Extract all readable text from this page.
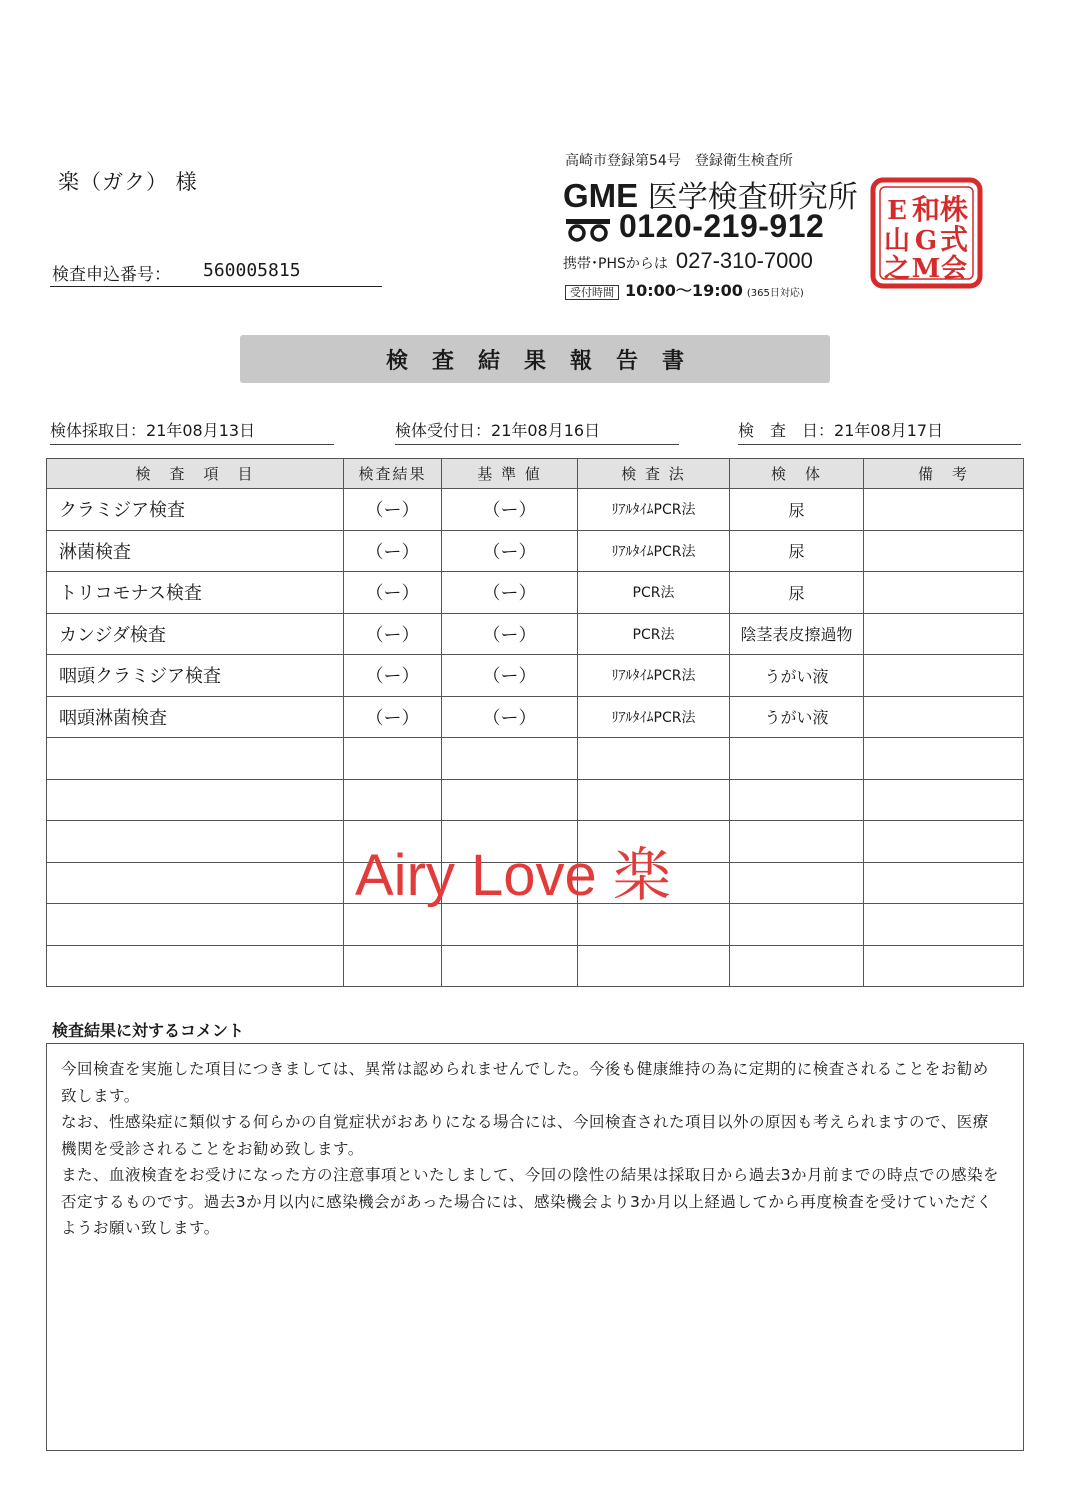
楽（ガク） 様
検査申込番号： 560005815
高崎市登録第54号　登録衛生検査所
GME 医学検査研究所
0120-219-912
携帯･PHSからは 027-310-7000
受付時間 10:00〜19:00 (365日対応)
株
式
会
和
G
M
E
山
之
検査結果報告書
検体採取日：21年08月13日	検体受付日：21年08月16日	検　査　日：21年08月17日
検　査　項　目	検査結果	基 準 値	検 査 法	検　体	備　考
クラミジア検査	（ー）	（ー）	ﾘｱﾙﾀｲﾑPCR法	尿	
淋菌検査	（ー）	（ー）	ﾘｱﾙﾀｲﾑPCR法	尿	
トリコモナス検査	（ー）	（ー）	PCR法	尿	
カンジダ検査	（ー）	（ー）	PCR法	陰茎表皮擦過物	
咽頭クラミジア検査	（ー）	（ー）	ﾘｱﾙﾀｲﾑPCR法	うがい液	
咽頭淋菌検査	（ー）	（ー）	ﾘｱﾙﾀｲﾑPCR法	うがい液	

Airy Love 楽
検査結果に対するコメント

今回検査を実施した項目につきましては、異常は認められませんでした。今後も健康維持の為に定期的に検査されることをお勧め致します。

なお、性感染症に類似する何らかの自覚症状がおありになる場合には、今回検査された項目以外の原因も考えられますので、医療機関を受診されることをお勧め致します。

また、血液検査をお受けになった方の注意事項といたしまして、今回の陰性の結果は採取日から過去3か月前までの時点での感染を否定するものです。過去3か月以内に感染機会があった場合には、感染機会より3か月以上経過してから再度検査を受けていただくようお願い致します。
